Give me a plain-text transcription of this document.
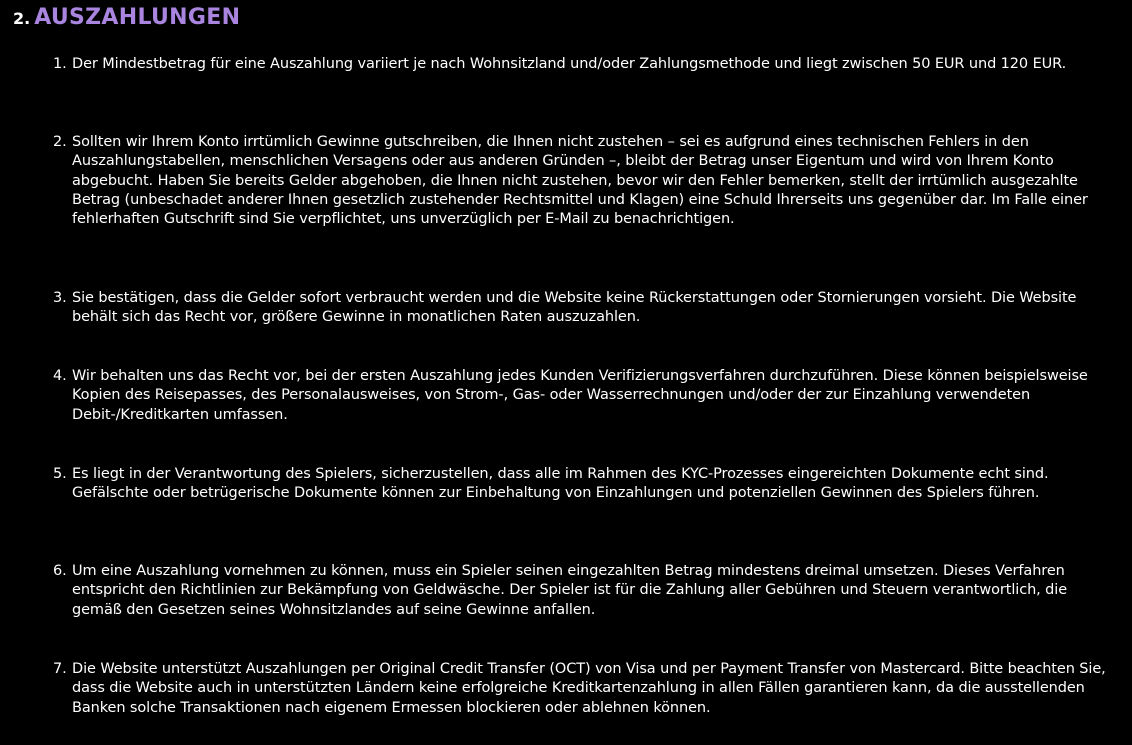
2. AUSZAHLUNGEN
1. Der Mindestbetrag für eine Auszahlung variiert je nach Wohnsitzland und/oder Zahlungsmethode und liegt zwischen 50 EUR und 120 EUR.
2. Sollten wir Ihrem Konto irrtümlich Gewinne gutschreiben, die Ihnen nicht zustehen – sei es aufgrund eines technischen Fehlers in den Auszahlungstabellen, menschlichen Versagens oder aus anderen Gründen –, bleibt der Betrag unser Eigentum und wird von Ihrem Konto abgebucht. Haben Sie bereits Gelder abgehoben, die Ihnen nicht zustehen, bevor wir den Fehler bemerken, stellt der irrtümlich ausgezahlte Betrag (unbeschadet anderer Ihnen gesetzlich zustehender Rechtsmittel und Klagen) eine Schuld Ihrerseits uns gegenüber dar. Im Falle einer fehlerhaften Gutschrift sind Sie verpflichtet, uns unverzüglich per E-Mail zu benachrichtigen.
3. Sie bestätigen, dass die Gelder sofort verbraucht werden und die Website keine Rückerstattungen oder Stornierungen vorsieht. Die Website behält sich das Recht vor, größere Gewinne in monatlichen Raten auszuzahlen.
4. Wir behalten uns das Recht vor, bei der ersten Auszahlung jedes Kunden Verifizierungsverfahren durchzuführen. Diese können beispielsweise Kopien des Reisepasses, des Personalausweises, von Strom-, Gas- oder Wasserrechnungen und/oder der zur Einzahlung verwendeten Debit-/Kreditkarten umfassen.
5. Es liegt in der Verantwortung des Spielers, sicherzustellen, dass alle im Rahmen des KYC-Prozesses eingereichten Dokumente echt sind. Gefälschte oder betrügerische Dokumente können zur Einbehaltung von Einzahlungen und potenziellen Gewinnen des Spielers führen.
6. Um eine Auszahlung vornehmen zu können, muss ein Spieler seinen eingezahlten Betrag mindestens dreimal umsetzen. Dieses Verfahren entspricht den Richtlinien zur Bekämpfung von Geldwäsche. Der Spieler ist für die Zahlung aller Gebühren und Steuern verantwortlich, die gemäß den Gesetzen seines Wohnsitzlandes auf seine Gewinne anfallen.
7. Die Website unterstützt Auszahlungen per Original Credit Transfer (OCT) von Visa und per Payment Transfer von Mastercard. Bitte beachten Sie, dass die Website auch in unterstützten Ländern keine erfolgreiche Kreditkartenzahlung in allen Fällen garantieren kann, da die ausstellenden Banken solche Transaktionen nach eigenem Ermessen blockieren oder ablehnen können.
